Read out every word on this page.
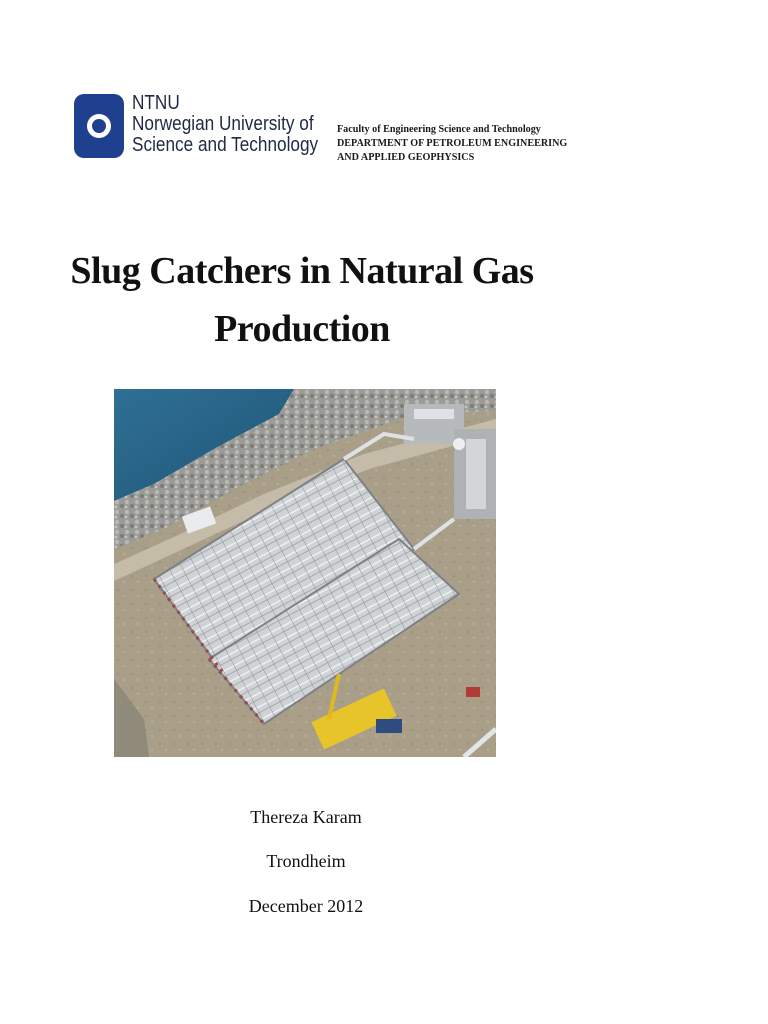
NTNU
Norwegian University of
Science and Technology
Faculty of Engineering Science and Technology
DEPARTMENT OF PETROLEUM ENGINEERING
AND APPLIED GEOPHYSICS
Slug Catchers in Natural Gas
Production
Thereza Karam
Trondheim
December 2012
